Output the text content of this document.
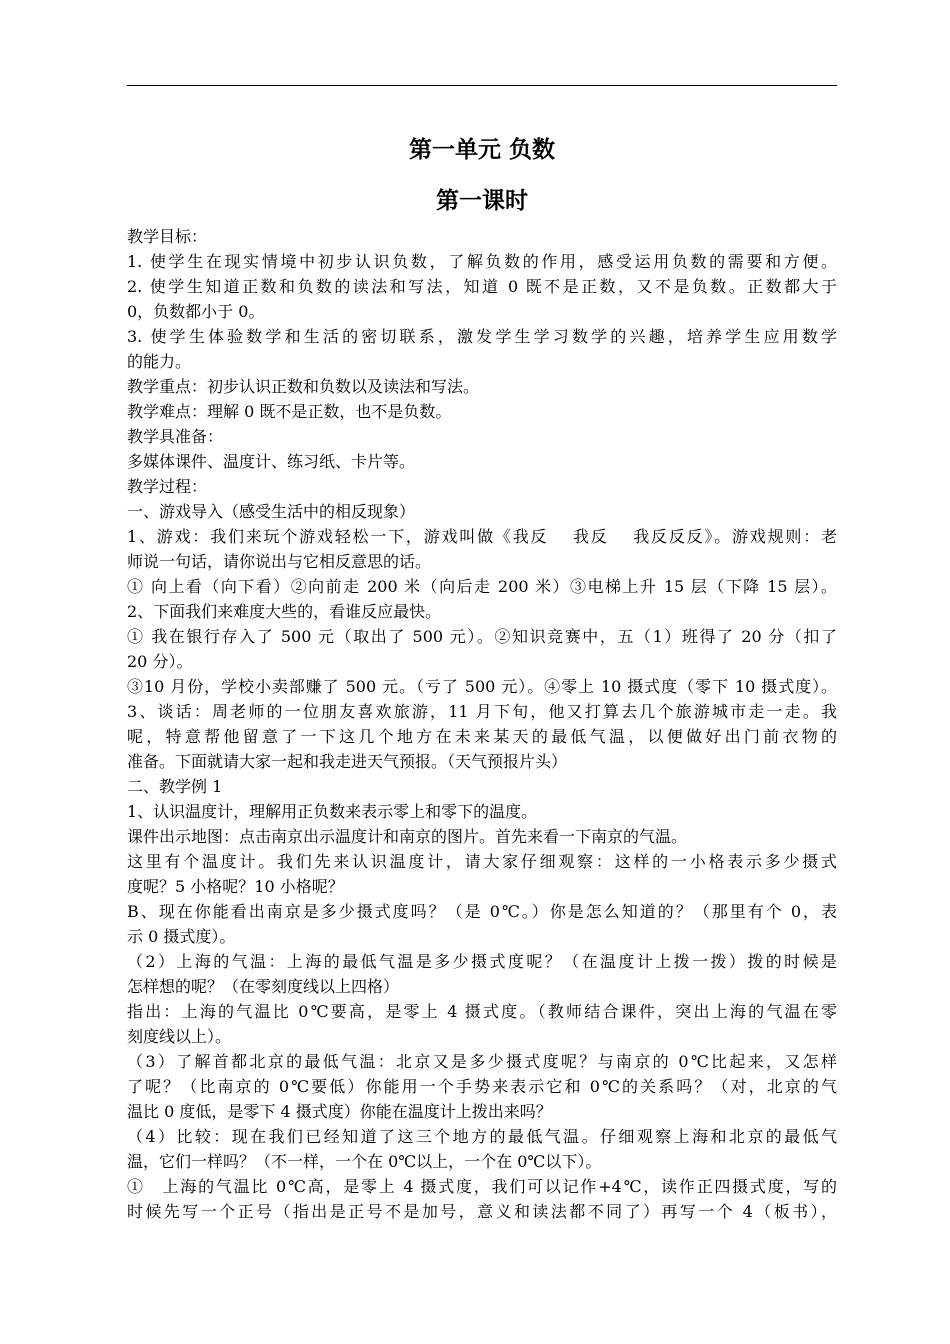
第一单元 负数
第一课时
教学目标：
1. 使学生在现实情境中初步认识负数，了解负数的作用，感受运用负数的需要和方便。
2. 使学生知道正数和负数的读法和写法，知道 0 既不是正数，又不是负数。正数都大于
0，负数都小于 0。
3. 使学生体验数学和生活的密切联系，激发学生学习数学的兴趣，培养学生应用数学
的能力。
教学重点：初步认识正数和负数以及读法和写法。
教学难点：理解 0 既不是正数，也不是负数。
教学具准备：
多媒体课件、温度计、练习纸、卡片等。
教学过程：
一、游戏导入（感受生活中的相反现象）
1、游戏：我们来玩个游戏轻松一下，游戏叫做《我反　 我反　 我反反反》。游戏规则：老
师说一句话，请你说出与它相反意思的话。
① 向上看（向下看）②向前走 200 米（向后走 200 米）③电梯上升 15 层（下降 15 层）。
2、下面我们来难度大些的，看谁反应最快。
① 我在银行存入了 500 元（取出了 500 元）。②知识竞赛中，五（1）班得了 20 分（扣了
20 分）。
③10 月份，学校小卖部赚了 500 元。（亏了 500 元）。④零上 10 摄式度（零下 10 摄式度）。
3、谈话：周老师的一位朋友喜欢旅游，11 月下旬，他又打算去几个旅游城市走一走。我
呢，特意帮他留意了一下这几个地方在未来某天的最低气温，以便做好出门前衣物的
准备。下面就请大家一起和我走进天气预报。（天气预报片头）
二、教学例 1
1、认识温度计，理解用正负数来表示零上和零下的温度。
课件出示地图：点击南京出示温度计和南京的图片。首先来看一下南京的气温。
这里有个温度计。我们先来认识温度计，请大家仔细观察：这样的一小格表示多少摄式
度呢？5 小格呢？10 小格呢？
B、现在你能看出南京是多少摄式度吗？（是 0℃。）你是怎么知道的？（那里有个 0，表
示 0 摄式度）。
（2）上海的气温：上海的最低气温是多少摄式度呢？（在温度计上拨一拨）拨的时候是
怎样想的呢？（在零刻度线以上四格）
指出：上海的气温比 0℃要高，是零上 4 摄式度。（教师结合课件，突出上海的气温在零
刻度线以上）。
（3）了解首都北京的最低气温：北京又是多少摄式度呢？与南京的 0℃比起来，又怎样
了呢？（比南京的 0℃要低）你能用一个手势来表示它和 0℃的关系吗？（对，北京的气
温比 0 度低，是零下 4 摄式度）你能在温度计上拨出来吗？
（4）比较：现在我们已经知道了这三个地方的最低气温。仔细观察上海和北京的最低气
温，它们一样吗？（不一样，一个在 0℃以上，一个在 0℃以下）。
①　上海的气温比 0℃高，是零上 4 摄式度，我们可以记作+4℃，读作正四摄式度，写的
时候先写一个正号（指出是正号不是加号，意义和读法都不同了）再写一个 4（板书），
